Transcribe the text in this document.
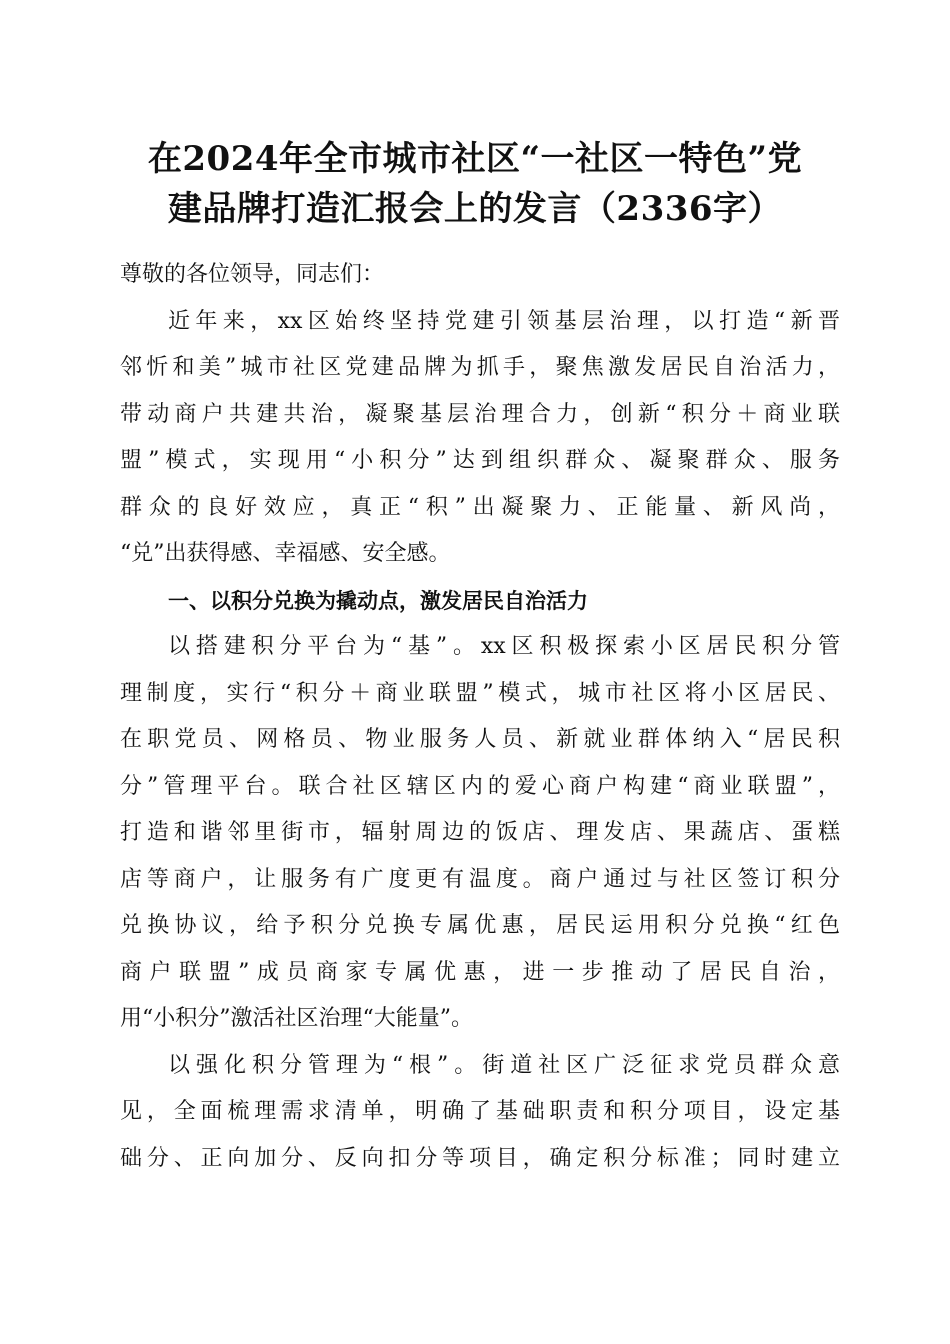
在2024年全市城市社区“一社区一特色”党
建品牌打造汇报会上的发言（2336字）
尊敬的各位领导，同志们：
近年来，xx区始终坚持党建引领基层治理，以打造“新晋
邻忻和美”城市社区党建品牌为抓手，聚焦激发居民自治活力，
带动商户共建共治，凝聚基层治理合力，创新“积分＋商业联
盟”模式，实现用“小积分”达到组织群众、凝聚群众、服务
群众的良好效应，真正“积”出凝聚力、正能量、新风尚，
“兑”出获得感、幸福感、安全感。
一、以积分兑换为撬动点，激发居民自治活力
以搭建积分平台为“基”。xx区积极探索小区居民积分管
理制度，实行“积分＋商业联盟”模式，城市社区将小区居民、
在职党员、网格员、物业服务人员、新就业群体纳入“居民积
分”管理平台。联合社区辖区内的爱心商户构建“商业联盟”，
打造和谐邻里街市，辐射周边的饭店、理发店、果蔬店、蛋糕
店等商户，让服务有广度更有温度。商户通过与社区签订积分
兑换协议，给予积分兑换专属优惠，居民运用积分兑换“红色
商户联盟”成员商家专属优惠，进一步推动了居民自治，
用“小积分”激活社区治理“大能量”。
以强化积分管理为“根”。街道社区广泛征求党员群众意
见，全面梳理需求清单，明确了基础职责和积分项目，设定基
础分、正向加分、反向扣分等项目，确定积分标准；同时建立
